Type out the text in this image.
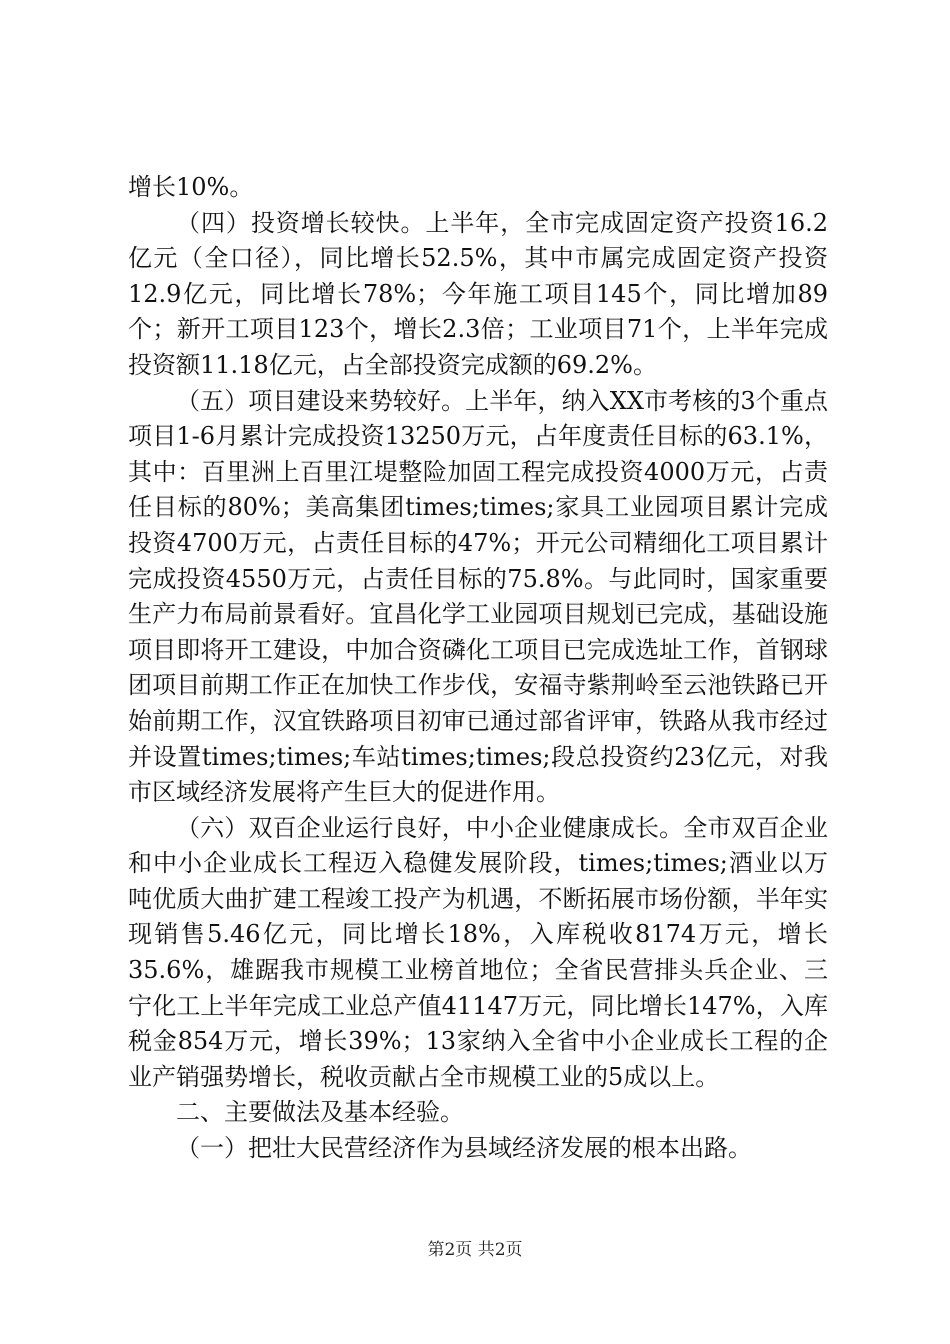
增长10%。

（四）投资增长较快。上半年，全市完成固定资产投资16.2亿元（全口径），同比增长52.5%，其中市属完成固定资产投资12.9亿元，同比增长78%；今年施工项目145个，同比增加89个；新开工项目123个，增长2.3倍；工业项目71个，上半年完成投资额11.18亿元，占全部投资完成额的69.2%。

（五）项目建设来势较好。上半年，纳入XX市考核的3个重点项目1-6月累计完成投资13250万元，占年度责任目标的63.1%，其中：百里洲上百里江堤整险加固工程完成投资4000万元，占责任目标的80%；美高集团times;times;家具工业园项目累计完成投资4700万元，占责任目标的47%；开元公司精细化工项目累计完成投资4550万元，占责任目标的75.8%。与此同时，国家重要生产力布局前景看好。宜昌化学工业园项目规划已完成，基础设施项目即将开工建设，中加合资磷化工项目已完成选址工作，首钢球团项目前期工作正在加快工作步伐，安福寺紫荆岭至云池铁路已开始前期工作，汉宜铁路项目初审已通过部省评审，铁路从我市经过并设置times;times;车站times;times;段总投资约23亿元，对我市区域经济发展将产生巨大的促进作用。

（六）双百企业运行良好，中小企业健康成长。全市双百企业和中小企业成长工程迈入稳健发展阶段，times;times;酒业以万吨优质大曲扩建工程竣工投产为机遇，不断拓展市场份额，半年实现销售5.46亿元，同比增长18%，入库税收8174万元，增长35.6%，雄踞我市规模工业榜首地位；全省民营排头兵企业、三宁化工上半年完成工业总产值41147万元，同比增长147%，入库税金854万元，增长39%；13家纳入全省中小企业成长工程的企业产销强势增长，税收贡献占全市规模工业的5成以上。

二、主要做法及基本经验。

（一）把壮大民营经济作为县域经济发展的根本出路。

第2页 共2页
